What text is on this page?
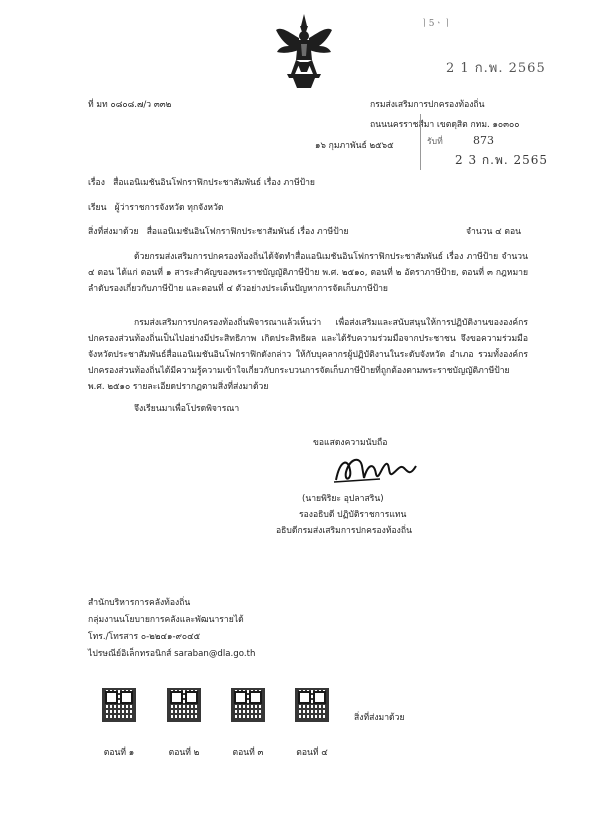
ㅣ5ㆍㅣ
2 1 ก.พ. 2565
ที่ มท ๐๘๐๘.๗/ว ๓๓๒	กรมส่งเสริมการปกครองท้องถิ่น
ถนนนครราชสีมา เขตดุสิต กทม. ๑๐๓๐๐
รับที่	873
2 3 ก.พ. 2565
๑๖ กุมภาพันธ์ ๒๕๖๕
เรื่อง สื่อแอนิเมชันอินโฟกราฟิกประชาสัมพันธ์ เรื่อง ภาษีป้าย
เรียน ผู้ว่าราชการจังหวัด ทุกจังหวัด
สิ่งที่ส่งมาด้วย สื่อแอนิเมชันอินโฟกราฟิกประชาสัมพันธ์ เรื่อง ภาษีป้าย	จำนวน ๔ ตอน
ด้วยกรมส่งเสริมการปกครองท้องถิ่นได้จัดทำสื่อแอนิเมชันอินโฟกราฟิกประชาสัมพันธ์ เรื่อง ภาษีป้าย จำนวน ๔ ตอน ได้แก่ ตอนที่ ๑ สาระสำคัญของพระราชบัญญัติภาษีป้าย พ.ศ. ๒๕๑๐, ตอนที่ ๒ อัตราภาษีป้าย, ตอนที่ ๓ กฎหมายลำดับรองเกี่ยวกับภาษีป้าย และตอนที่ ๔ ตัวอย่างประเด็นปัญหาการจัดเก็บภาษีป้าย
กรมส่งเสริมการปกครองท้องถิ่นพิจารณาแล้วเห็นว่า เพื่อส่งเสริมและสนับสนุนให้การปฏิบัติงานขององค์กรปกครองส่วนท้องถิ่นเป็นไปอย่างมีประสิทธิภาพ เกิดประสิทธิผล และได้รับความร่วมมือจากประชาชน จึงขอความร่วมมือจังหวัดประชาสัมพันธ์สื่อแอนิเมชันอินโฟกราฟิกดังกล่าว ให้กับบุคลากรผู้ปฏิบัติงานในระดับจังหวัด อำเภอ รวมทั้งองค์กรปกครองส่วนท้องถิ่นได้มีความรู้ความเข้าใจเกี่ยวกับกระบวนการจัดเก็บภาษีป้ายที่ถูกต้องตามพระราชบัญญัติภาษีป้าย พ.ศ. ๒๕๑๐ รายละเอียดปรากฏตามสิ่งที่ส่งมาด้วย
จึงเรียนมาเพื่อโปรดพิจารณา
ขอแสดงความนับถือ
(นายพิริยะ อุปลาสริน)
รองอธิบดี ปฏิบัติราชการแทน
อธิบดีกรมส่งเสริมการปกครองท้องถิ่น
สำนักบริหารการคลังท้องถิ่น
กลุ่มงานนโยบายการคลังและพัฒนารายได้
โทร./โทรสาร ๐-๒๒๔๑-๙๐๔๕
ไปรษณีย์อิเล็กทรอนิกส์ saraban@dla.go.th
ตอนที่ ๑	ตอนที่ ๒	ตอนที่ ๓	ตอนที่ ๔
สิ่งที่ส่งมาด้วย
